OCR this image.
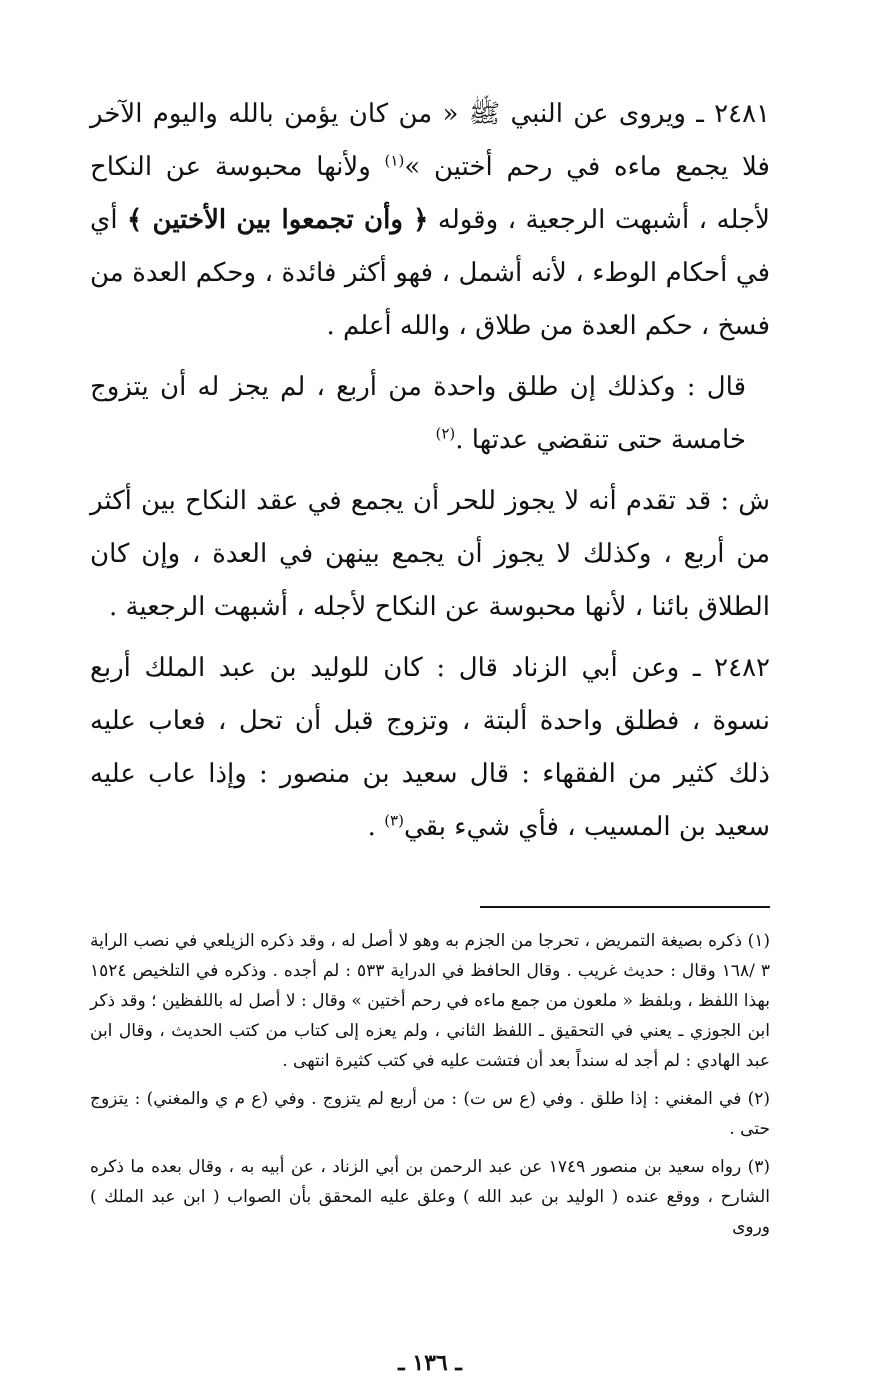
٢٤٨١ ـ ويروى عن النبي ﷺ « من كان يؤمن بالله واليوم الآخر فلا يجمع ماءه في رحم أختين »$^{(١)}$ ولأنها محبوسة عن النكاح لأجله ، أشبهت الرجعية ، وقوله ﴿ وأن تجمعوا بين الأختين ﴾ أي في أحكام الوطء ، لأنه أشمل ، فهو أكثر فائدة ، وحكم العدة من فسخ ، حكم العدة من طلاق ، والله أعلم .

قال : وكذلك إن طلق واحدة من أربع ، لم يجز له أن يتزوج خامسة حتى تنقضي عدتها .$^{(٢)}$

ش : قد تقدم أنه لا يجوز للحر أن يجمع في عقد النكاح بين أكثر من أربع ، وكذلك لا يجوز أن يجمع بينهن في العدة ، وإن كان الطلاق بائنا ، لأنها محبوسة عن النكاح لأجله ، أشبهت الرجعية .

٢٤٨٢ ـ وعن أبي الزناد قال : كان للوليد بن عبد الملك أربع نسوة ، فطلق واحدة ألبتة ، وتزوج قبل أن تحل ، فعاب عليه ذلك كثير من الفقهاء : قال سعيد بن منصور : وإذا عاب عليه سعيد بن المسيب ، فأي شيء بقي$^{(٣)}$ .

(١) ذكره بصيغة التمريض ، تحرجا من الجزم به وهو لا أصل له ، وقد ذكره الزيلعي في نصب الراية ٣ /١٦٨ وقال : حديث غريب . وقال الحافظ في الدراية ٥٣٣ : لم أجده . وذكره في التلخيص ١٥٢٤ بهذا اللفظ ، وبلفظ « ملعون من جمع ماءه في رحم أختين » وقال : لا أصل له باللفظين ؛ وقد ذكر ابن الجوزي ـ يعني في التحقيق ـ اللفظ الثاني ، ولم يعزه إلى كتاب من كتب الحديث ، وقال ابن عبد الهادي : لم أجد له سنداً بعد أن فتشت عليه في كتب كثيرة انتهى .

(٢) في المغني : إذا طلق . وفي (ع س ت) : من أربع لم يتزوج . وفي (ع م ي والمغني) : يتزوج حتى .

(٣) رواه سعيد بن منصور ١٧٤٩ عن عبد الرحمن بن أبي الزناد ، عن أبيه به ، وقال بعده ما ذكره الشارح ، ووقع عنده ( الوليد بن عبد الله ) وعلق عليه المحقق بأن الصواب ( ابن عبد الملك ) وروى

ـ ١٣٦ ـ
